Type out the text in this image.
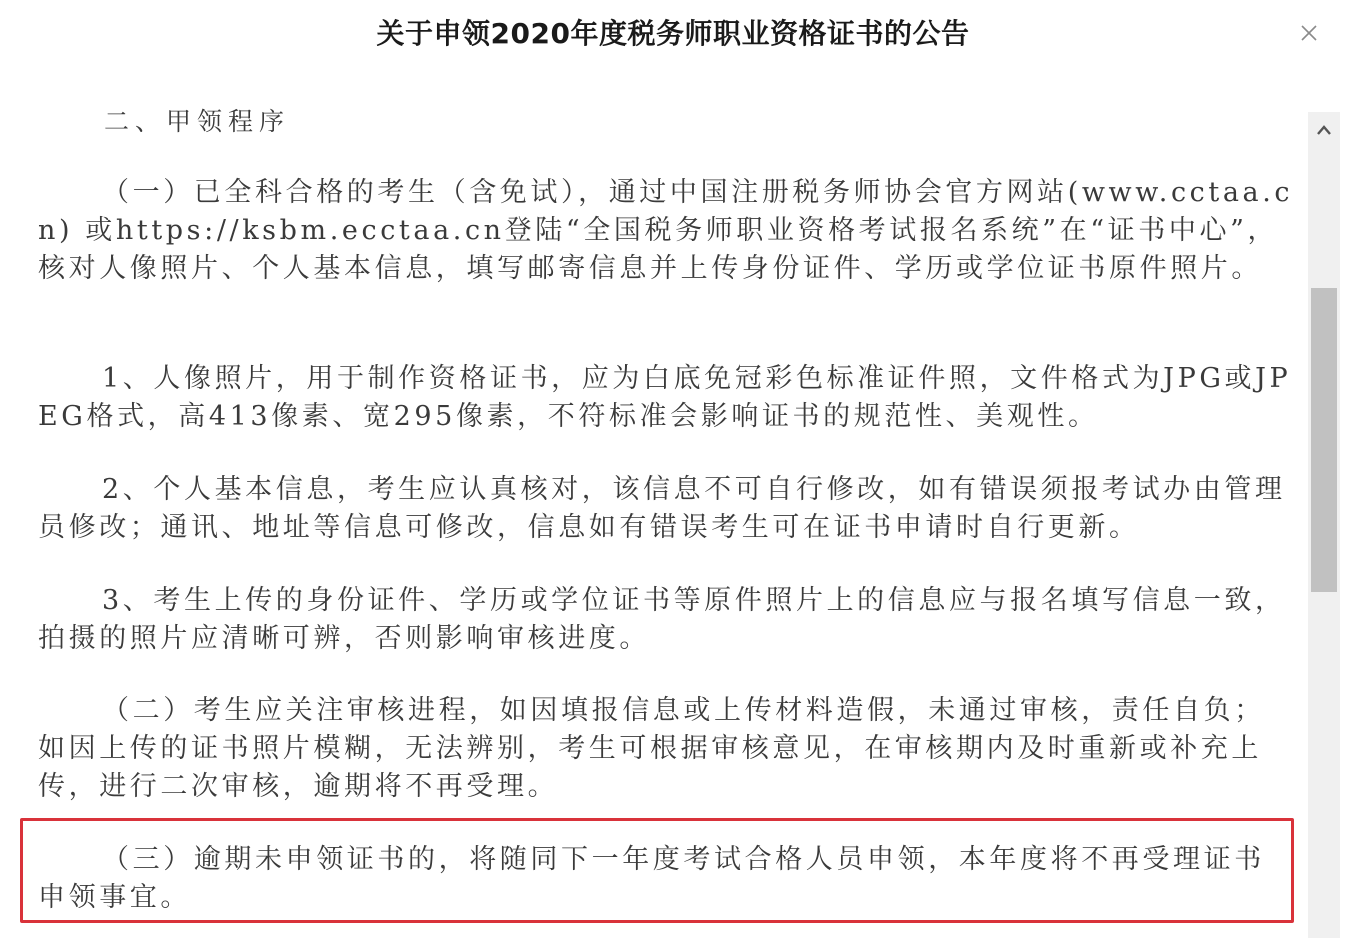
关于申领2020年度税务师职业资格证书的公告
二、甲领程序

（一）已全科合格的考生（含免试），通过中国注册税务师协会官方网站(www.cctaa.cn) 或https://ksbm.ecctaa.cn登陆“全国税务师职业资格考试报名系统”在“证书中心”，核对人像照片、个人基本信息，填写邮寄信息并上传身份证件、学历或学位证书原件照片。

1、人像照片，用于制作资格证书，应为白底免冠彩色标准证件照，文件格式为JPG或JPEG格式，高413像素、宽295像素，不符标准会影响证书的规范性、美观性。

2、个人基本信息，考生应认真核对，该信息不可自行修改，如有错误须报考试办由管理员修改；通讯、地址等信息可修改，信息如有错误考生可在证书申请时自行更新。

3、考生上传的身份证件、学历或学位证书等原件照片上的信息应与报名填写信息一致，拍摄的照片应清晰可辨，否则影响审核进度。

（二）考生应关注审核进程，如因填报信息或上传材料造假，未通过审核，责任自负；如因上传的证书照片模糊，无法辨别，考生可根据审核意见，在审核期内及时重新或补充上传，进行二次审核，逾期将不再受理。

（三）逾期未申领证书的，将随同下一年度考试合格人员申领，本年度将不再受理证书申领事宜。
